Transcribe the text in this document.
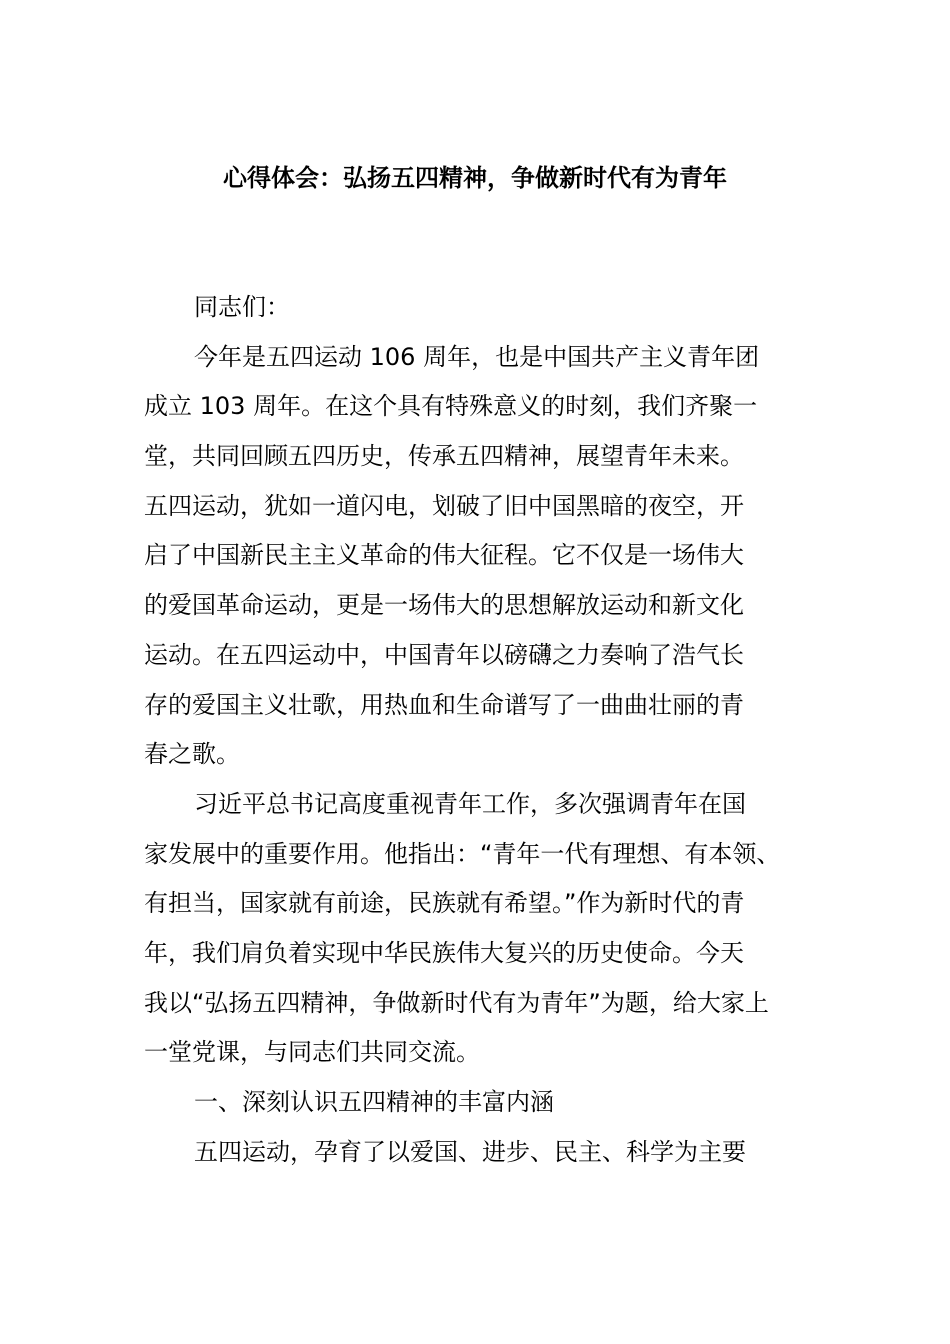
心得体会：弘扬五四精神，争做新时代有为青年
同志们：
今年是五四运动 106 周年，也是中国共产主义青年团
成立 103 周年。在这个具有特殊意义的时刻，我们齐聚一
堂，共同回顾五四历史，传承五四精神，展望青年未来。
五四运动，犹如一道闪电，划破了旧中国黑暗的夜空，开
启了中国新民主主义革命的伟大征程。它不仅是一场伟大
的爱国革命运动，更是一场伟大的思想解放运动和新文化
运动。在五四运动中，中国青年以磅礴之力奏响了浩气长
存的爱国主义壮歌，用热血和生命谱写了一曲曲壮丽的青
春之歌。
习近平总书记高度重视青年工作，多次强调青年在国
家发展中的重要作用。他指出：“青年一代有理想、有本领、
有担当，国家就有前途，民族就有希望。”作为新时代的青
年，我们肩负着实现中华民族伟大复兴的历史使命。今天
我以“弘扬五四精神，争做新时代有为青年”为题，给大家上
一堂党课，与同志们共同交流。
一、深刻认识五四精神的丰富内涵
五四运动，孕育了以爱国、进步、民主、科学为主要
